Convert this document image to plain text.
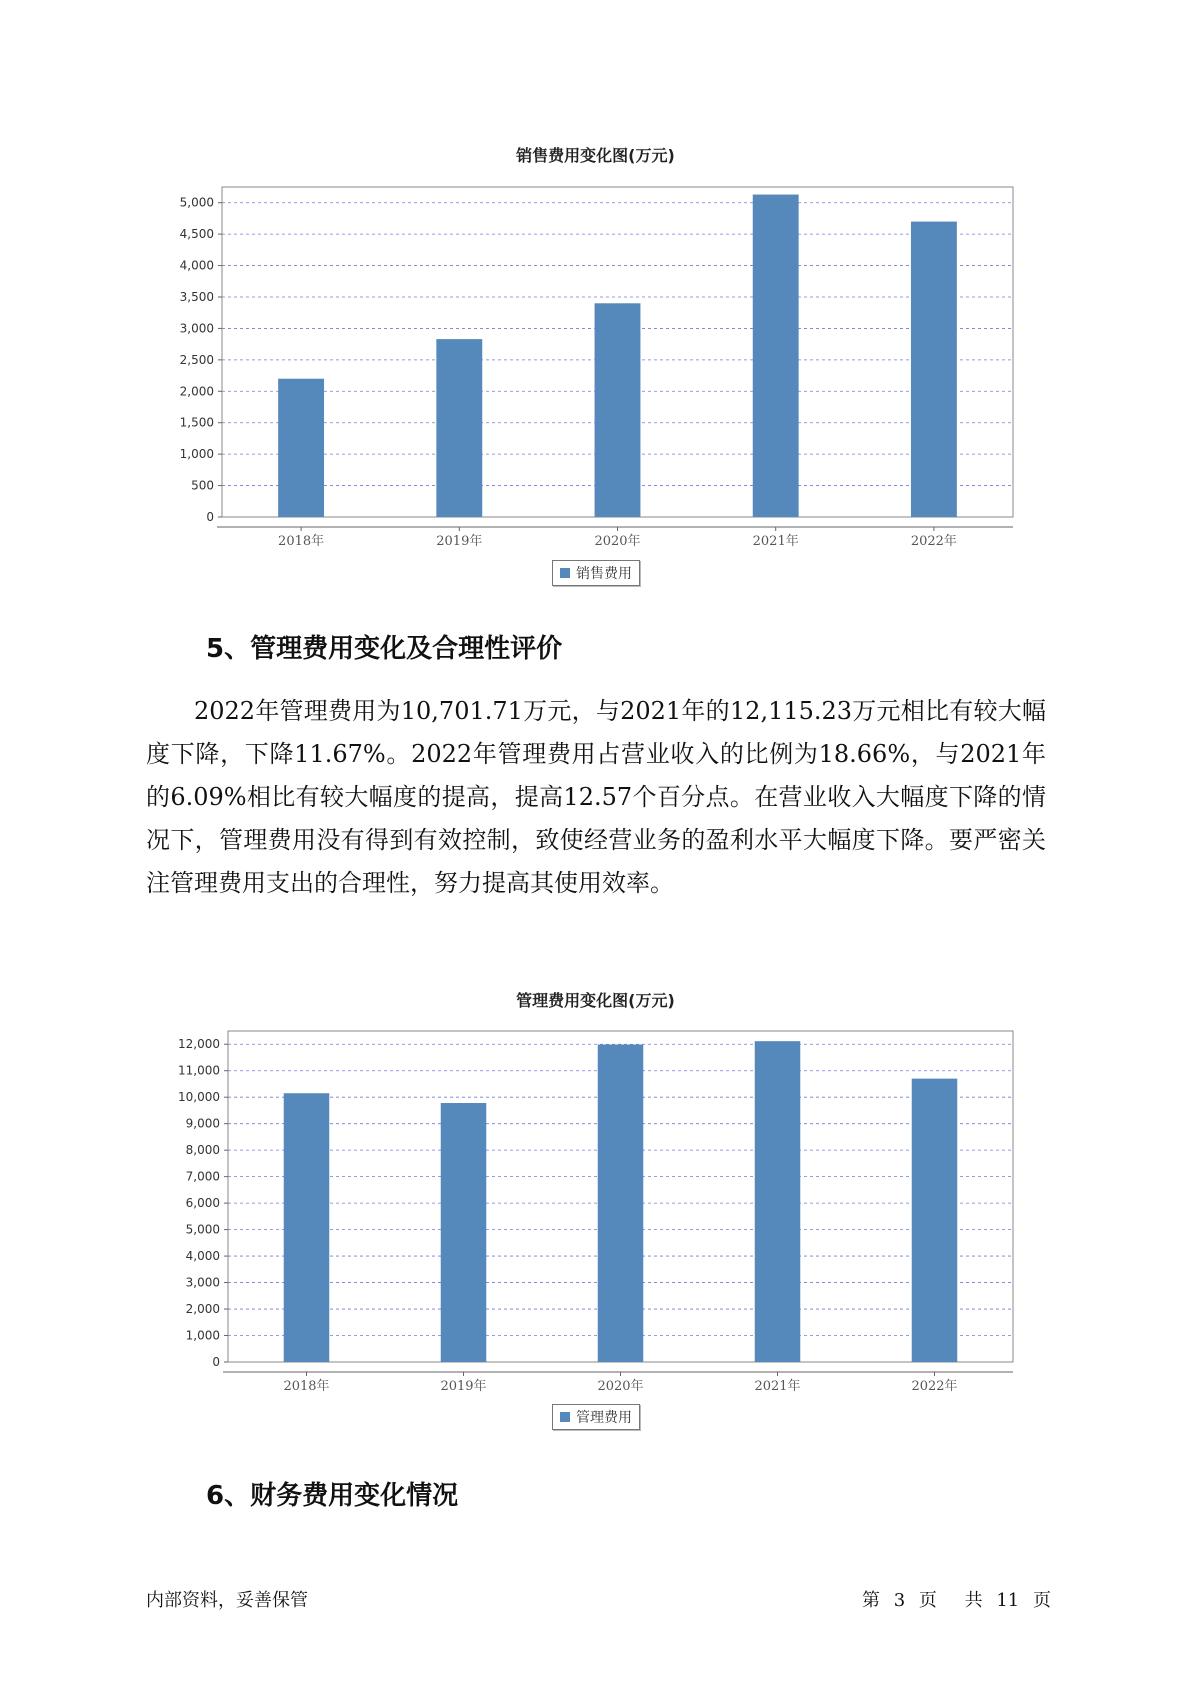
销售费用变化图(万元)
0
500
1,000
1,500
2,000
2,500
3,000
3,500
4,000
4,500
5,000
2018年	2019年	2020年	2021年	2022年
销售费用
5、管理费用变化及合理性评价
2022年管理费用为10,701.71万元，与2021年的12,115.23万元相比有较大幅度下降，下降11.67%。2022年管理费用占营业收入的比例为18.66%，与2021年的6.09%相比有较大幅度的提高，提高12.57个百分点。在营业收入大幅度下降的情况下，管理费用没有得到有效控制，致使经营业务的盈利水平大幅度下降。要严密关注管理费用支出的合理性，努力提高其使用效率。
管理费用变化图(万元)
0
1,000
2,000
3,000
4,000
5,000
6,000
7,000
8,000
9,000
10,000
11,000
12,000
2018年	2019年	2020年	2021年	2022年
管理费用
6、财务费用变化情况
内部资料，妥善保管	第 3 页 共 11 页
